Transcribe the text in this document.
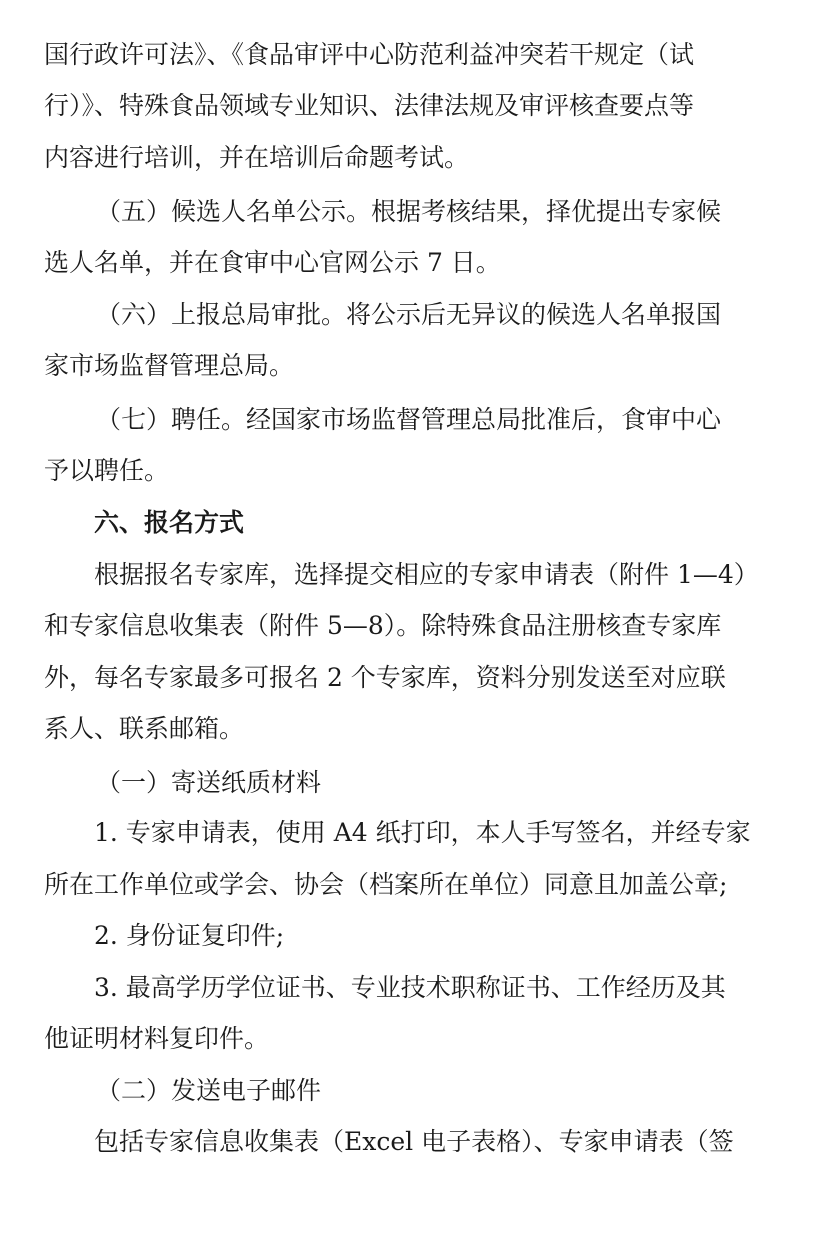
国行政许可法》、《食品审评中心防范利益冲突若干规定（试

行）》、特殊食品领域专业知识、法律法规及审评核查要点等

内容进行培训，并在培训后命题考试。

（五）候选人名单公示。根据考核结果，择优提出专家候

选人名单，并在食审中心官网公示 7 日。

（六）上报总局审批。将公示后无异议的候选人名单报国

家市场监督管理总局。

（七）聘任。经国家市场监督管理总局批准后，食审中心

予以聘任。

六、报名方式

根据报名专家库，选择提交相应的专家申请表（附件 1—4）

和专家信息收集表（附件 5—8）。除特殊食品注册核查专家库

外，每名专家最多可报名 2 个专家库，资料分别发送至对应联

系人、联系邮箱。

（一）寄送纸质材料

1. 专家申请表，使用 A4 纸打印，本人手写签名，并经专家

所在工作单位或学会、协会（档案所在单位）同意且加盖公章;

2. 身份证复印件;

3. 最高学历学位证书、专业技术职称证书、工作经历及其

他证明材料复印件。

（二）发送电子邮件

包括专家信息收集表（Excel 电子表格）、专家申请表（签
